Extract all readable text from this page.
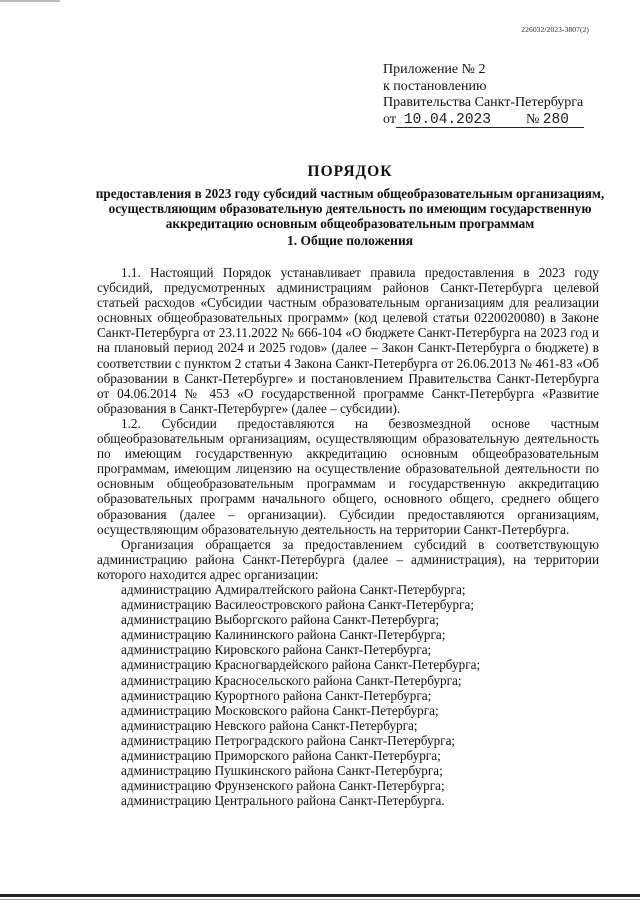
226032/2023-3807(2)
Приложение № 2
к постановлению
Правительства Санкт-Петербурга
от 10.04.2023 № 280
ПОРЯДОК
предоставления в 2023 году субсидий частным общеобразовательным организациям, осуществляющим образовательную деятельность по имеющим государственную аккредитацию основным общеобразовательным программам
1. Общие положения

1.1. Настоящий Порядок устанавливает правила предоставления в 2023 году субсидий, предусмотренных администрациям районов Санкт-Петербурга целевой статьей расходов «Субсидии частным образовательным организациям для реализации основных общеобразовательных программ» (код целевой статьи 0220020080) в Законе Санкт-Петербурга от 23.11.2022 № 666-104 «О бюджете Санкт-Петербурга на 2023 год и на плановый период 2024 и 2025 годов» (далее – Закон Санкт-Петербурга о бюджете) в соответствии с пунктом 2 статьи 4 Закона Санкт-Петербурга от 26.06.2013 № 461-83 «Об образовании в Санкт-Петербурге» и постановлением Правительства Санкт-Петербурга от 04.06.2014 № 453 «О государственной программе Санкт-Петербурга «Развитие образования в Санкт-Петербурге» (далее – субсидии).

1.2. Субсидии предоставляются на безвозмездной основе частным общеобразовательным организациям, осуществляющим образовательную деятельность по имеющим государственную аккредитацию основным общеобразовательным программам, имеющим лицензию на осуществление образовательной деятельности по основным общеобразовательным программам и государственную аккредитацию образовательных программ начального общего, основного общего, среднего общего образования (далее – организации). Субсидии предоставляются организациям, осуществляющим образовательную деятельность на территории Санкт-Петербурга.

Организация обращается за предоставлением субсидий в соответствующую администрацию района Санкт-Петербурга (далее – администрация), на территории которого находится адрес организации:

администрацию Адмиралтейского района Санкт-Петербурга;
администрацию Василеостровского района Санкт-Петербурга;
администрацию Выборгского района Санкт-Петербурга;
администрацию Калининского района Санкт-Петербурга;
администрацию Кировского района Санкт-Петербурга;
администрацию Красногвардейского района Санкт-Петербурга;
администрацию Красносельского района Санкт-Петербурга;
администрацию Курортного района Санкт-Петербурга;
администрацию Московского района Санкт-Петербурга;
администрацию Невского района Санкт-Петербурга;
администрацию Петроградского района Санкт-Петербурга;
администрацию Приморского района Санкт-Петербурга;
администрацию Пушкинского района Санкт-Петербурга;
администрацию Фрунзенского района Санкт-Петербурга;
администрацию Центрального района Санкт-Петербурга.
